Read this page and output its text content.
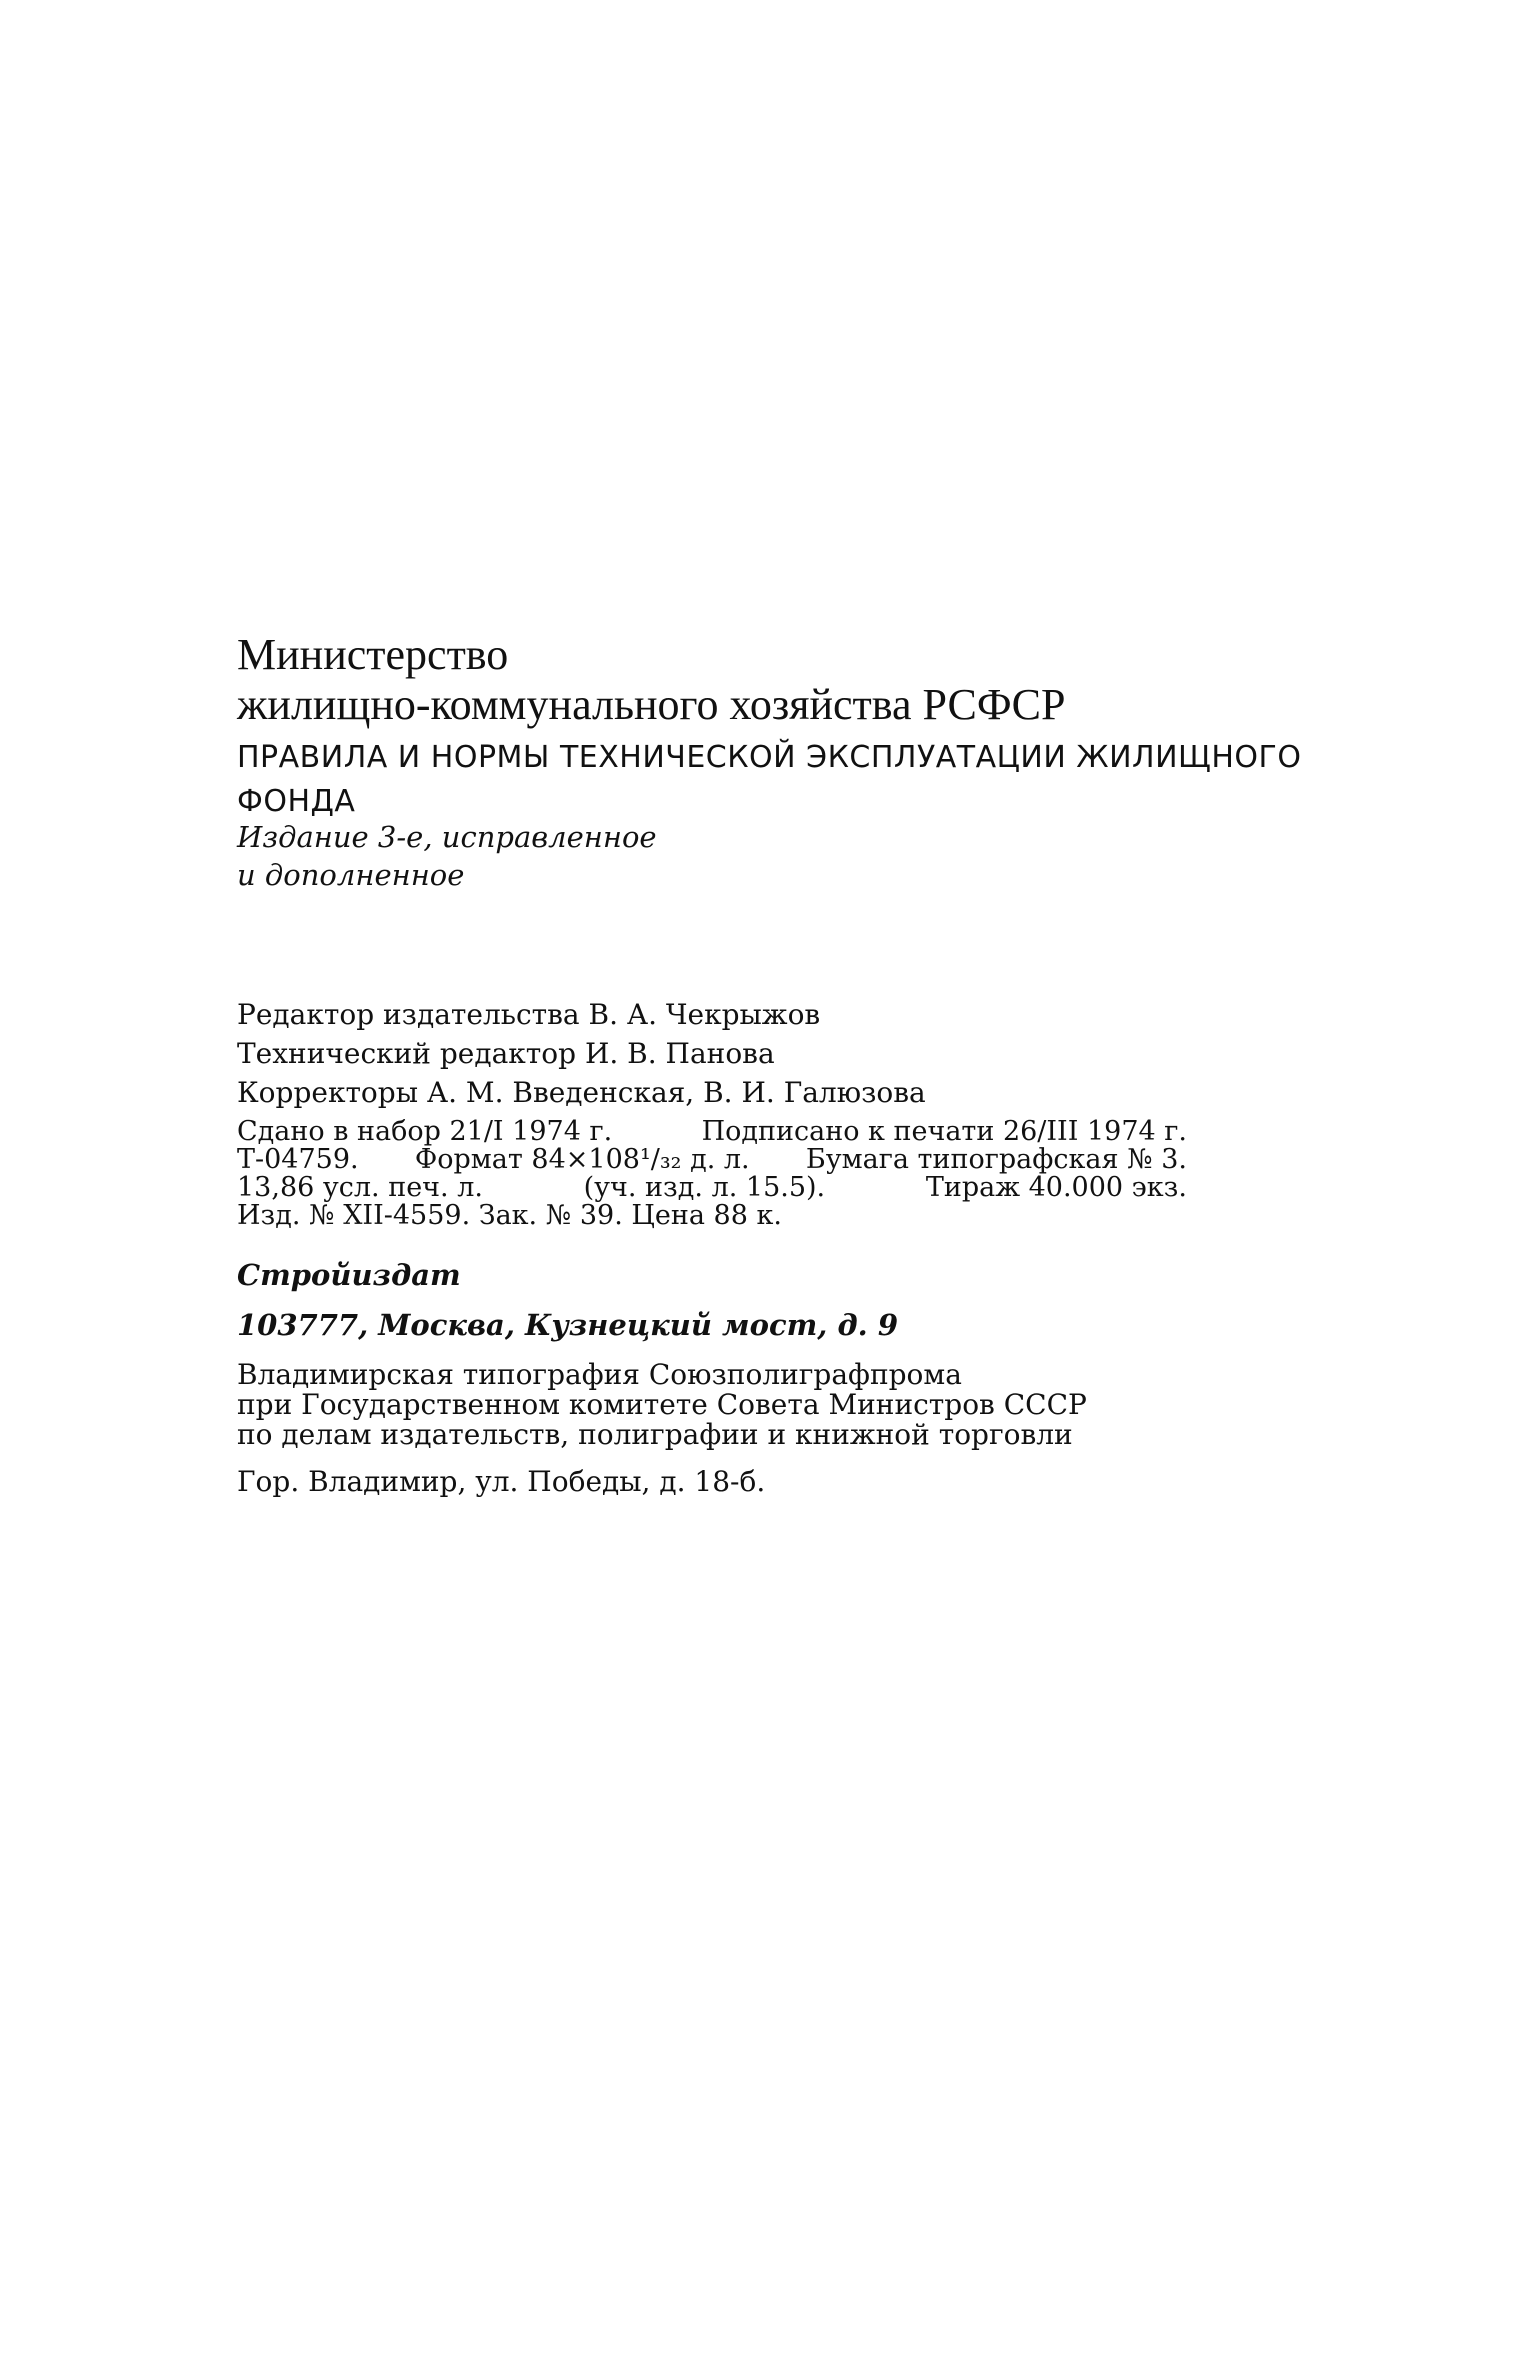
Министерство
жилищно-коммунального хозяйства РСФСР
ПРАВИЛА И НОРМЫ ТЕХНИЧЕСКОЙ ЭКСПЛУАТАЦИИ ЖИЛИЩНОГО
ФОНДА
Издание 3-е, исправленное
и дополненное
Редактор издательства В. А. Чекрыжов
Технический редактор И. В. Панова
Корректоры А. М. Введенская, В. И. Галюзова
Сдано в набор 21/I 1974 г.	Подписано к печати 26/III 1974 г.
Т-04759. Формат 84×108¹/₃₂ д. л. Бумага типографская № 3.
13,86 усл. печ. л.	(уч. изд. л. 15.5).	Тираж 40.000 экз.
Изд. № XII-4559. Зак. № 39. Цена 88 к.
Стройиздат
103777, Москва, Кузнецкий мост, д. 9
Владимирская типография Союзполиграфпрома
при Государственном комитете Совета Министров СССР
по делам издательств, полиграфии и книжной торговли
Гор. Владимир, ул. Победы, д. 18-б.
